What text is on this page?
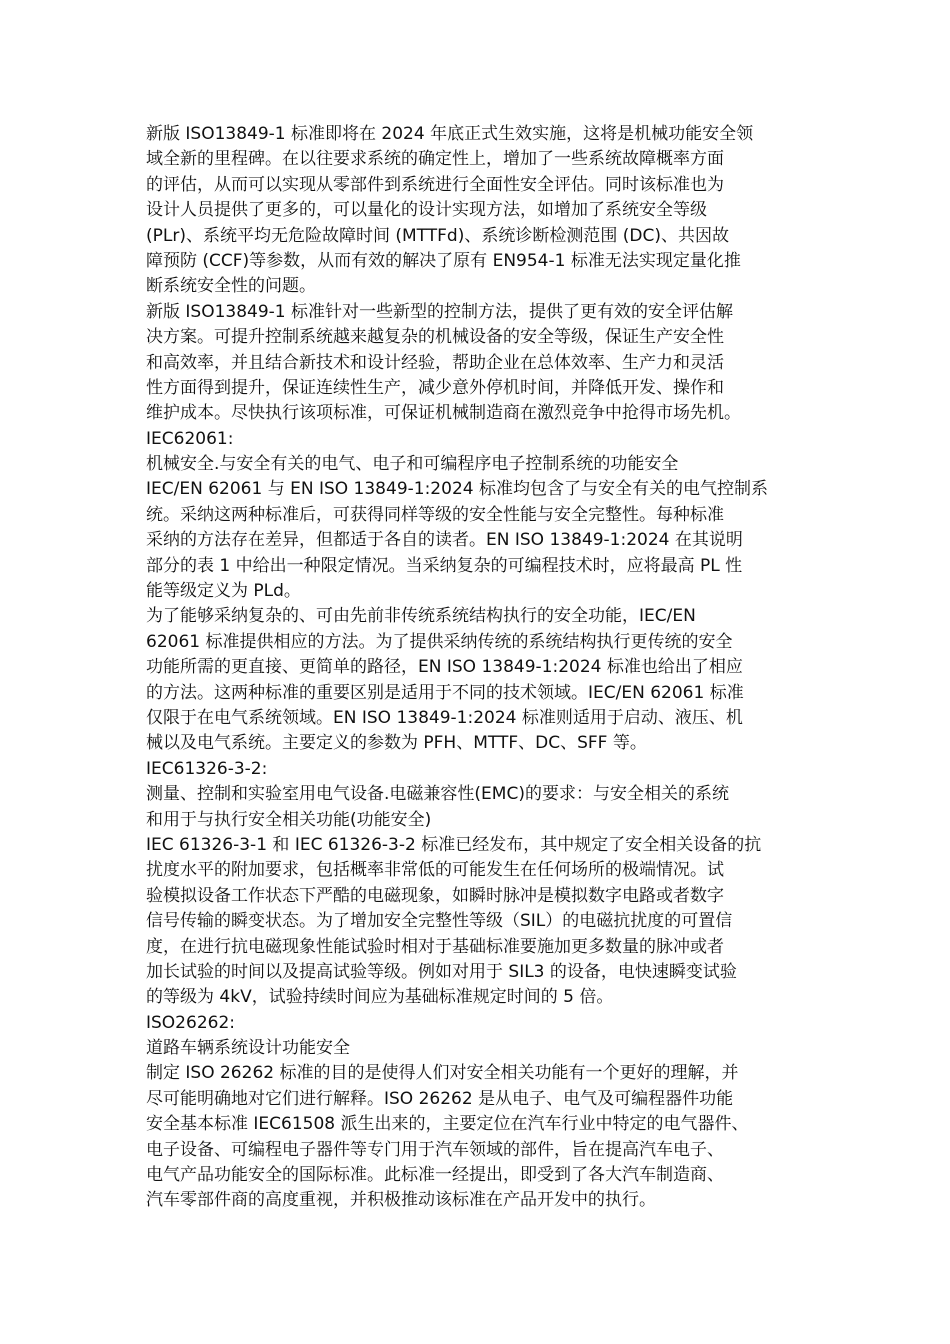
新版 ISO13849-1 标准即将在 2024 年底正式生效实施，这将是机械功能安全领
域全新的里程碑。在以往要求系统的确定性上，增加了一些系统故障概率方面
的评估，从而可以实现从零部件到系统进行全面性安全评估。同时该标准也为
设计人员提供了更多的，可以量化的设计实现方法，如增加了系统安全等级
(PLr)、系统平均无危险故障时间 (MTTFd)、系统诊断检测范围 (DC)、共因故
障预防 (CCF)等参数，从而有效的解决了原有 EN954-1 标准无法实现定量化推
断系统安全性的问题。
新版 ISO13849-1 标准针对一些新型的控制方法，提供了更有效的安全评估解
决方案。可提升控制系统越来越复杂的机械设备的安全等级，保证生产安全性
和高效率，并且结合新技术和设计经验，帮助企业在总体效率、生产力和灵活
性方面得到提升，保证连续性生产，减少意外停机时间，并降低开发、操作和
维护成本。尽快执行该项标准，可保证机械制造商在激烈竞争中抢得市场先机。
IEC62061:
机械安全.与安全有关的电气、电子和可编程序电子控制系统的功能安全
IEC/EN 62061 与 EN ISO 13849-1:2024 标准均包含了与安全有关的电气控制系
统。采纳这两种标准后，可获得同样等级的安全性能与安全完整性。每种标准
采纳的方法存在差异，但都适于各自的读者。EN ISO 13849-1:2024 在其说明
部分的表 1 中给出一种限定情况。当采纳复杂的可编程技术时，应将最高 PL 性
能等级定义为 PLd。
为了能够采纳复杂的、可由先前非传统系统结构执行的安全功能，IEC/EN
62061 标准提供相应的方法。为了提供采纳传统的系统结构执行更传统的安全
功能所需的更直接、更简单的路径，EN ISO 13849-1:2024 标准也给出了相应
的方法。这两种标准的重要区别是适用于不同的技术领域。IEC/EN 62061 标准
仅限于在电气系统领域。EN ISO 13849-1:2024 标准则适用于启动、液压、机
械以及电气系统。主要定义的参数为 PFH、MTTF、DC、SFF 等。
IEC61326-3-2:
测量、控制和实验室用电气设备.电磁兼容性(EMC)的要求：与安全相关的系统
和用于与执行安全相关功能(功能安全)
IEC 61326-3-1 和 IEC 61326-3-2 标准已经发布，其中规定了安全相关设备的抗
扰度水平的附加要求，包括概率非常低的可能发生在任何场所的极端情况。试
验模拟设备工作状态下严酷的电磁现象，如瞬时脉冲是模拟数字电路或者数字
信号传输的瞬变状态。为了增加安全完整性等级（SIL）的电磁抗扰度的可置信
度，在进行抗电磁现象性能试验时相对于基础标准要施加更多数量的脉冲或者
加长试验的时间以及提高试验等级。例如对用于 SIL3 的设备，电快速瞬变试验
的等级为 4kV，试验持续时间应为基础标准规定时间的 5 倍。
ISO26262:
道路车辆系统设计功能安全
制定 ISO 26262 标准的目的是使得人们对安全相关功能有一个更好的理解，并
尽可能明确地对它们进行解释。ISO 26262 是从电子、电气及可编程器件功能
安全基本标准 IEC61508 派生出来的，主要定位在汽车行业中特定的电气器件、
电子设备、可编程电子器件等专门用于汽车领域的部件，旨在提高汽车电子、
电气产品功能安全的国际标准。此标准一经提出，即受到了各大汽车制造商、
汽车零部件商的高度重视，并积极推动该标准在产品开发中的执行。
